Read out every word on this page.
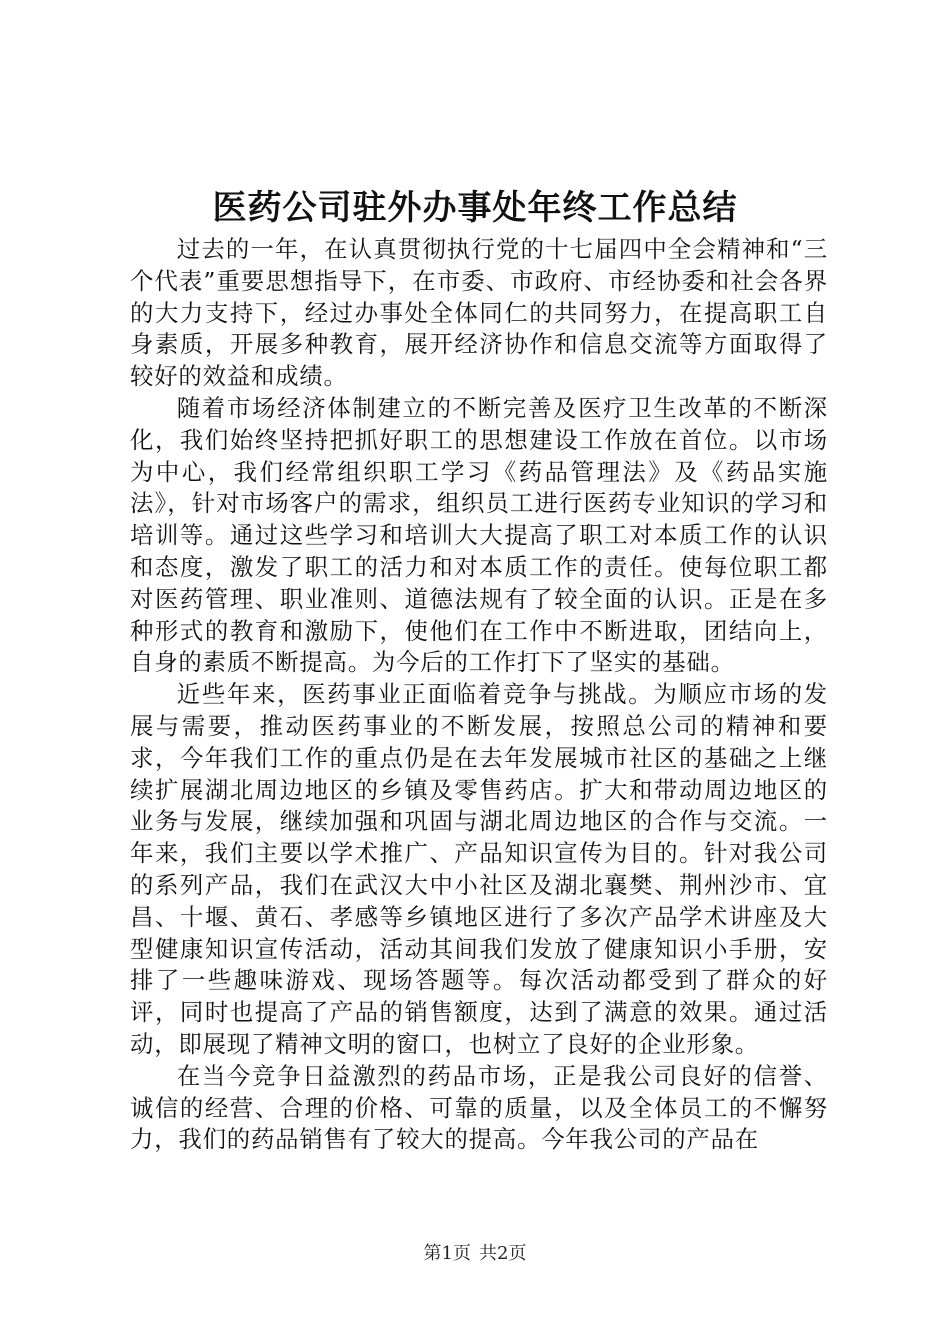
医药公司驻外办事处年终工作总结

过去的一年，在认真贯彻执行党的十七届四中全会精神和“三个代表”重要思想指导下，在市委、市政府、市经协委和社会各界的大力支持下，经过办事处全体同仁的共同努力，在提高职工自身素质，开展多种教育，展开经济协作和信息交流等方面取得了较好的效益和成绩。

随着市场经济体制建立的不断完善及医疗卫生改革的不断深化，我们始终坚持把抓好职工的思想建设工作放在首位。以市场为中心，我们经常组织职工学习《药品管理法》及《药品实施法》，针对市场客户的需求，组织员工进行医药专业知识的学习和培训等。通过这些学习和培训大大提高了职工对本质工作的认识和态度，激发了职工的活力和对本质工作的责任。使每位职工都对医药管理、职业准则、道德法规有了较全面的认识。正是在多种形式的教育和激励下，使他们在工作中不断进取，团结向上，自身的素质不断提高。为今后的工作打下了坚实的基础。

近些年来，医药事业正面临着竞争与挑战。为顺应市场的发展与需要，推动医药事业的不断发展，按照总公司的精神和要求，今年我们工作的重点仍是在去年发展城市社区的基础之上继续扩展湖北周边地区的乡镇及零售药店。扩大和带动周边地区的业务与发展，继续加强和巩固与湖北周边地区的合作与交流。一年来，我们主要以学术推广、产品知识宣传为目的。针对我公司的系列产品，我们在武汉大中小社区及湖北襄樊、荆州沙市、宜昌、十堰、黄石、孝感等乡镇地区进行了多次产品学术讲座及大型健康知识宣传活动，活动其间我们发放了健康知识小手册，安排了一些趣味游戏、现场答题等。每次活动都受到了群众的好评，同时也提高了产品的销售额度，达到了满意的效果。通过活动，即展现了精神文明的窗口，也树立了良好的企业形象。

在当今竞争日益激烈的药品市场，正是我公司良好的信誉、诚信的经营、合理的价格、可靠的质量，以及全体员工的不懈努力，我们的药品销售有了较大的提高。今年我公司的产品在

第1页 共2页
